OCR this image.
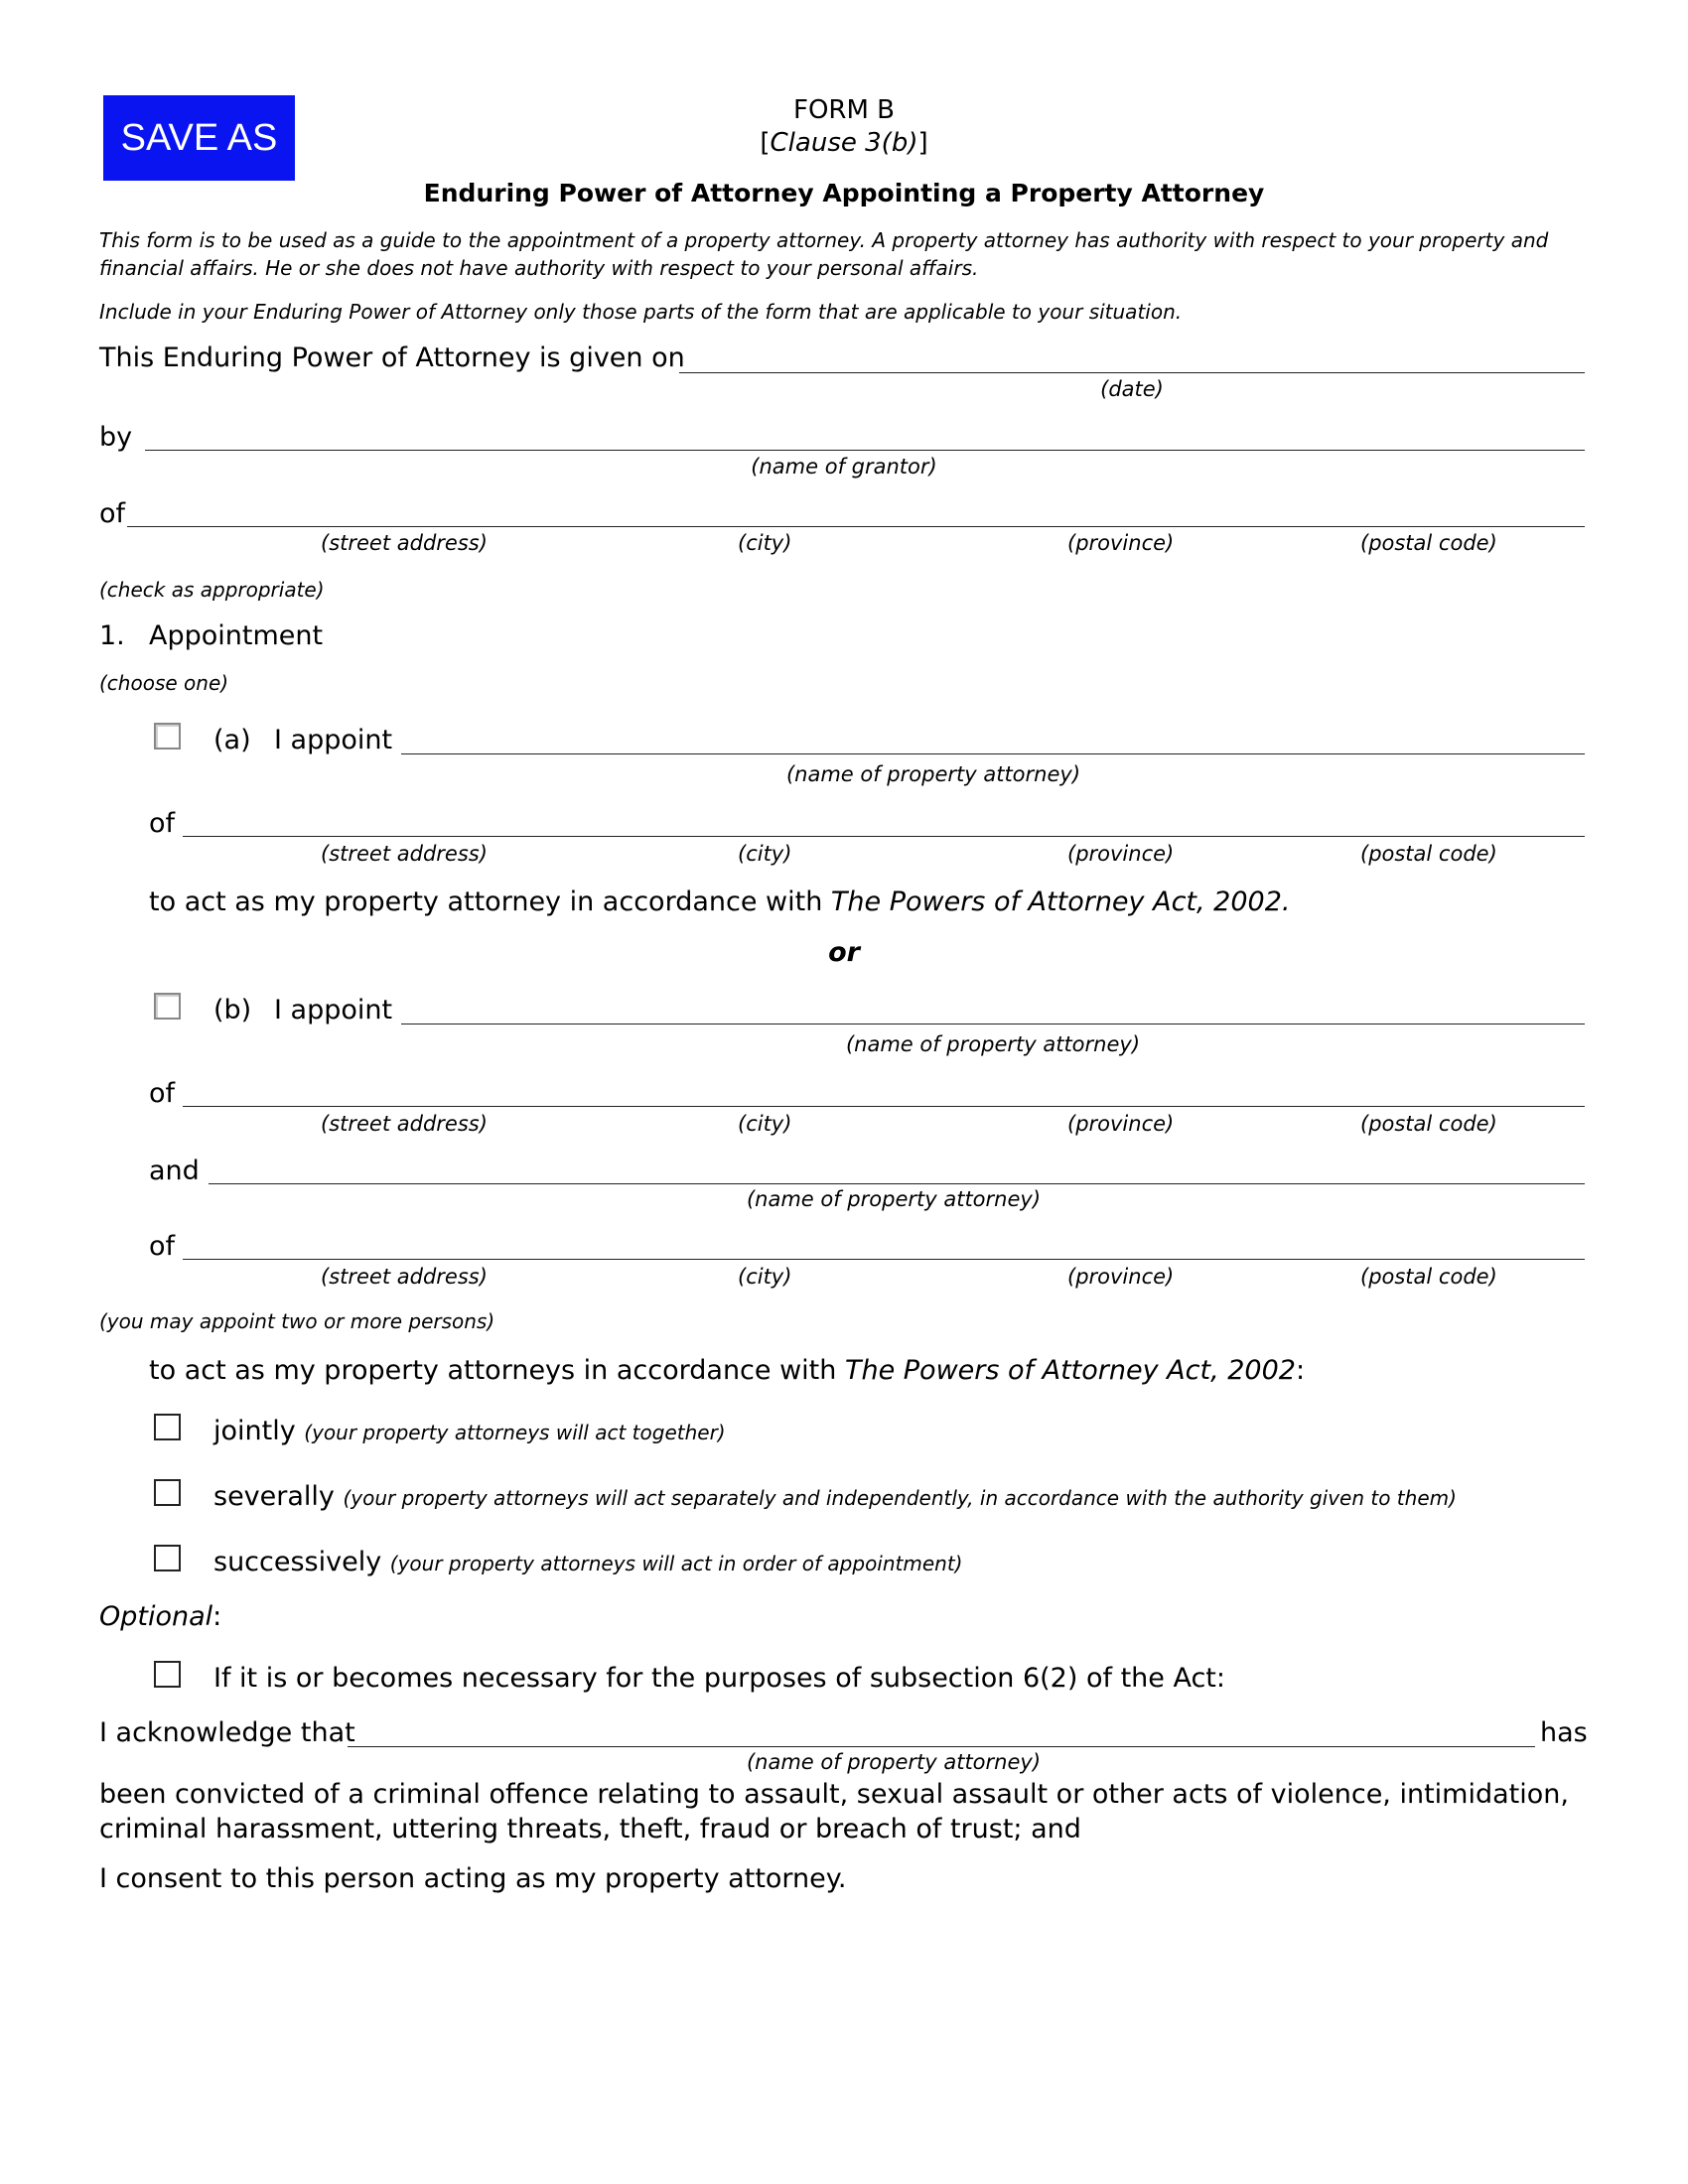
SAVE AS
FORM B
[Clause 3(b)]
Enduring Power of Attorney Appointing a Property Attorney
This form is to be used as a guide to the appointment of a property attorney. A property attorney has authority with respect to your property and financial affairs. He or she does not have authority with respect to your personal affairs.
Include in your Enduring Power of Attorney only those parts of the form that are applicable to your situation.
This Enduring Power of Attorney is given on
(date)
by
(name of grantor)
of
(street address)	(city)	(province)	(postal code)
(check as appropriate)
1. Appointment
(choose one)
(a) I appoint
(name of property attorney)
of
(street address)	(city)	(province)	(postal code)
to act as my property attorney in accordance with The Powers of Attorney Act, 2002.
or
(b) I appoint
(name of property attorney)
of
(street address)	(city)	(province)	(postal code)
and
(name of property attorney)
of
(street address)	(city)	(province)	(postal code)
(you may appoint two or more persons)
to act as my property attorneys in accordance with The Powers of Attorney Act, 2002:
jointly (your property attorneys will act together)
severally (your property attorneys will act separately and independently, in accordance with the authority given to them)
successively (your property attorneys will act in order of appointment)
Optional:
If it is or becomes necessary for the purposes of subsection 6(2) of the Act:
I acknowledge that	has
(name of property attorney)
been convicted of a criminal offence relating to assault, sexual assault or other acts of violence, intimidation, criminal harassment, uttering threats, theft, fraud or breach of trust; and
I consent to this person acting as my property attorney.
